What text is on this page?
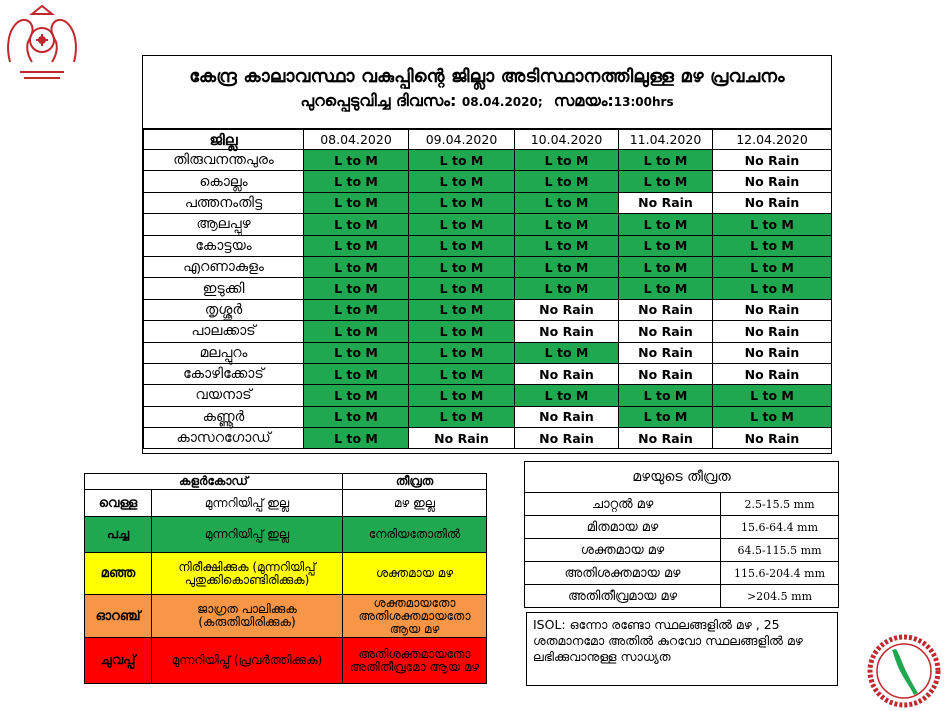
കേന്ദ്ര കാലാവസ്ഥാ വകുപ്പിന്റെ ജില്ലാ അടിസ്ഥാനത്തിലുള്ള മഴ പ്രവചനം
പുറപ്പെടുവിച്ച ദിവസം: 08.04.2020; സമയം:13:00hrs
ജില്ല	08.04.2020	09.04.2020	10.04.2020	11.04.2020	12.04.2020
തിരുവനന്തപുരം	L to M	L to M	L to M	L to M	No Rain
കൊല്ലം	L to M	L to M	L to M	L to M	No Rain
പത്തനംതിട്ട	L to M	L to M	L to M	No Rain	No Rain
ആലപ്പുഴ	L to M	L to M	L to M	L to M	L to M
കോട്ടയം	L to M	L to M	L to M	L to M	L to M
എറണാകുളം	L to M	L to M	L to M	L to M	L to M
ഇടുക്കി	L to M	L to M	L to M	L to M	L to M
തൃശ്ശൂർ	L to M	L to M	No Rain	No Rain	No Rain
പാലക്കാട്	L to M	L to M	No Rain	No Rain	No Rain
മലപ്പുറം	L to M	L to M	L to M	No Rain	No Rain
കോഴിക്കോട്	L to M	L to M	No Rain	No Rain	No Rain
വയനാട്	L to M	L to M	L to M	L to M	L to M
കണ്ണൂർ	L to M	L to M	No Rain	L to M	L to M
കാസറഗോഡ്	L to M	No Rain	No Rain	No Rain	No Rain
കളർകോഡ്		തീവ്രത
വെള്ള	മുന്നറിയിപ്പ് ഇല്ല	മഴ ഇല്ല
പച്ച	മുന്നറിയിപ്പ് ഇല്ല	നേരിയതോതിൽ
മഞ്ഞ	നിരീക്ഷിക്കുക (മുന്നറിയിപ്പ് പുതുക്കികൊണ്ടിരിക്കുക)	ശക്തമായ മഴ
ഓറഞ്ച്	ജാഗ്രത പാലിക്കുക (കരുതിയിരിക്കുക)	ശക്തമായതോ അതിശക്തമായതോ ആയ മഴ
ചുവപ്പ്	മുന്നറിയിപ്പ് (പ്രവർത്തിക്കുക)	അതിശക്തമായതോ അതിതീവ്രമോ ആയ മഴ
മഴയുടെ തീവ്രത	
ചാറ്റൽ മഴ	2.5-15.5 mm
മിതമായ മഴ	15.6-64.4 mm
ശക്തമായ മഴ	64.5-115.5 mm
അതിശക്തമായ മഴ	115.6-204.4 mm
അതിതീവ്രമായ മഴ	>204.5 mm
ISOL: ഒന്നോ രണ്ടോ സ്ഥലങ്ങളിൽ മഴ , 25 ശതമാനമോ അതിൽ കുറവോ സ്ഥലങ്ങളിൽ മഴ ലഭിക്കുവാനുള്ള സാധ്യത
